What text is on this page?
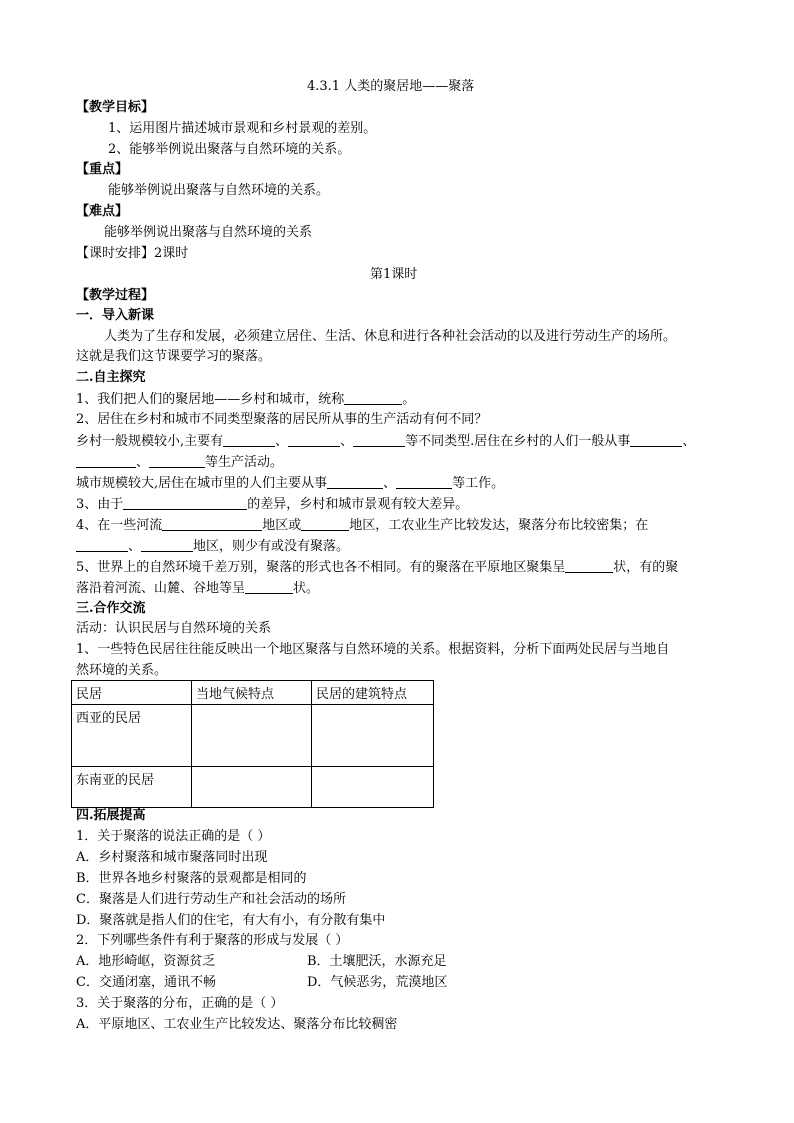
4.3.1 人类的聚居地——聚落
【教学目标】
1、运用图片描述城市景观和乡村景观的差别。
2、能够举例说出聚落与自然环境的关系。
【重点】
能够举例说出聚落与自然环境的关系。
【难点】
能够举例说出聚落与自然环境的关系
【课时安排】2课时
第1课时
【教学过程】
一．导入新课
人类为了生存和发展，必须建立居住、生活、休息和进行各种社会活动的以及进行劳动生产的场所。
这就是我们这节课要学习的聚落。
二.自主探究
1、我们把人们的聚居地——乡村和城市，统称	。
2、居住在乡村和城市不同类型聚落的居民所从事的生产活动有何不同？
乡村一般规模较小,主要有	、	、	等不同类型.居住在乡村的人们一般从事	、
、	等生产活动。
城市规模较大,居住在城市里的人们主要从事	、	等工作。
3、由于	的差异，乡村和城市景观有较大差异。
4、在一些河流	地区或	地区，工农业生产比较发达，聚落分布比较密集；在
、	地区，则少有或没有聚落。
5、世界上的自然环境千差万别，聚落的形式也各不相同。有的聚落在平原地区聚集呈	状，有的聚
落沿着河流、山麓、谷地等呈	状。
三.合作交流
活动：认识民居与自然环境的关系
1、一些特色民居往往能反映出一个地区聚落与自然环境的关系。根据资料，分析下面两处民居与当地自
然环境的关系。
民居	当地气候特点	民居的建筑特点
西亚的民居		
东南亚的民居		
四.拓展提高
1．关于聚落的说法正确的是（ ）
A．乡村聚落和城市聚落同时出现
B．世界各地乡村聚落的景观都是相同的
C．聚落是人们进行劳动生产和社会活动的场所
D．聚落就是指人们的住宅，有大有小，有分散有集中
2．下列哪些条件有利于聚落的形成与发展（ ）
A．地形崎岖，资源贫乏	B．土壤肥沃，水源充足
C．交通闭塞，通讯不畅	D．气候恶劣，荒漠地区
3．关于聚落的分布，正确的是（ ）
A．平原地区、工农业生产比较发达、聚落分布比较稠密
